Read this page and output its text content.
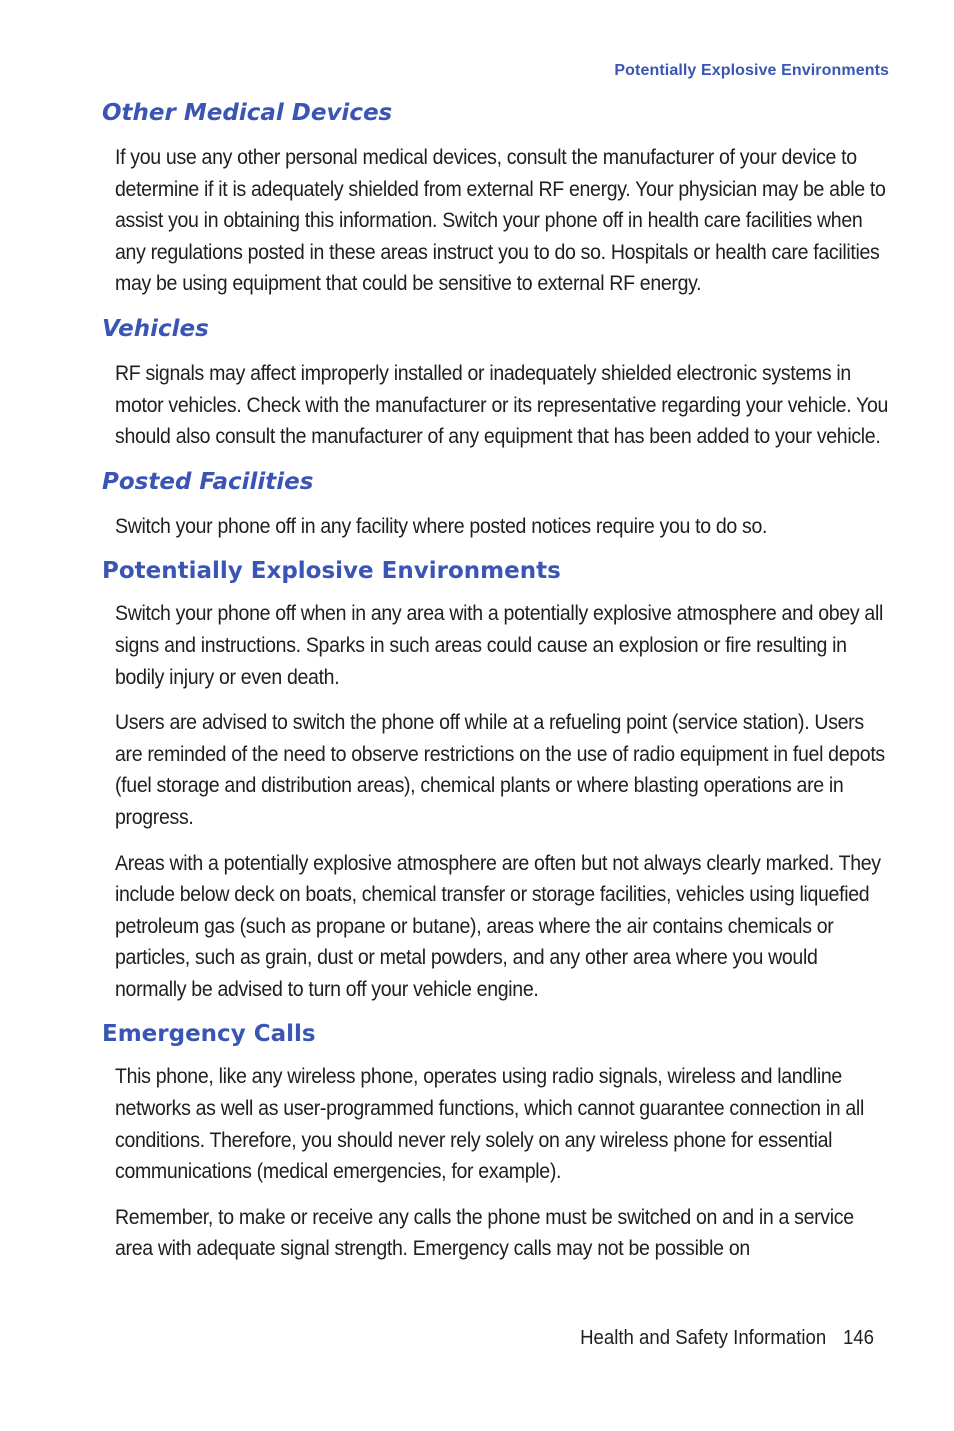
Potentially Explosive Environments
Other Medical Devices

If you use any other personal medical devices, consult the manufacturer of your device to determine if it is adequately shielded from external RF energy. Your physician may be able to assist you in obtaining this information. Switch your phone off in health care facilities when any regulations posted in these areas instruct you to do so. Hospitals or health care facilities may be using equipment that could be sensitive to external RF energy.

Vehicles

RF signals may affect improperly installed or inadequately shielded electronic systems in motor vehicles. Check with the manufacturer or its representative regarding your vehicle. You should also consult the manufacturer of any equipment that has been added to your vehicle.

Posted Facilities

Switch your phone off in any facility where posted notices require you to do so.

Potentially Explosive Environments

Switch your phone off when in any area with a potentially explosive atmosphere and obey all signs and instructions. Sparks in such areas could cause an explosion or fire resulting in bodily injury or even death.

Users are advised to switch the phone off while at a refueling point (service station). Users are reminded of the need to observe restrictions on the use of radio equipment in fuel depots (fuel storage and distribution areas), chemical plants or where blasting operations are in progress.

Areas with a potentially explosive atmosphere are often but not always clearly marked. They include below deck on boats, chemical transfer or storage facilities, vehicles using liquefied petroleum gas (such as propane or butane), areas where the air contains chemicals or particles, such as grain, dust or metal powders, and any other area where you would normally be advised to turn off your vehicle engine.

Emergency Calls

This phone, like any wireless phone, operates using radio signals, wireless and landline networks as well as user-programmed functions, which cannot guarantee connection in all conditions. Therefore, you should never rely solely on any wireless phone for essential communications (medical emergencies, for example).

Remember, to make or receive any calls the phone must be switched on and in a service area with adequate signal strength. Emergency calls may not be possible on

Health and Safety Information 146
